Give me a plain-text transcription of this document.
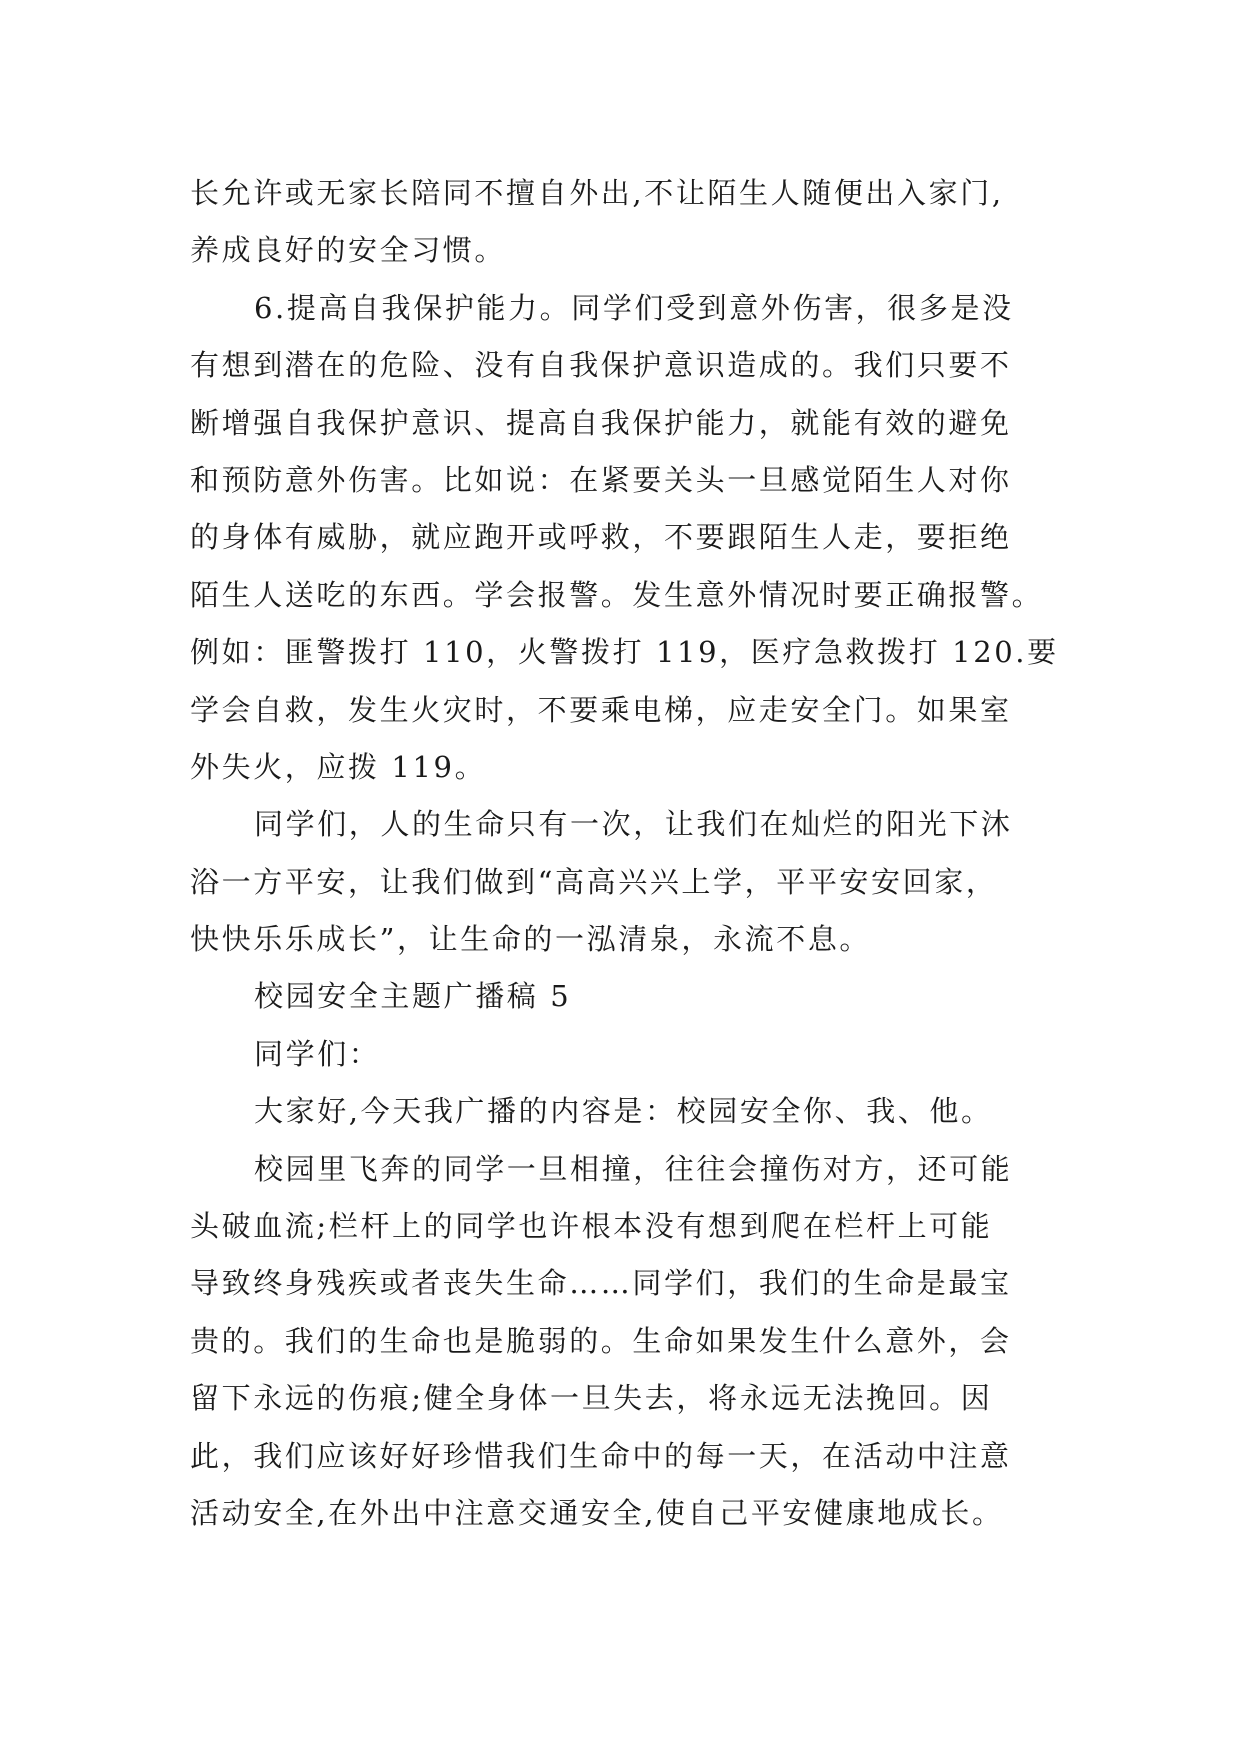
长允许或无家长陪同不擅自外出,不让陌生人随便出入家门,
养成良好的安全习惯。

6.提高自我保护能力。同学们受到意外伤害，很多是没
有想到潜在的危险、没有自我保护意识造成的。我们只要不
断增强自我保护意识、提高自我保护能力，就能有效的避免
和预防意外伤害。比如说：在紧要关头一旦感觉陌生人对你
的身体有威胁，就应跑开或呼救，不要跟陌生人走，要拒绝
陌生人送吃的东西。学会报警。发生意外情况时要正确报警。
例如：匪警拨打 110，火警拨打 119，医疗急救拨打 120.要
学会自救，发生火灾时，不要乘电梯，应走安全门。如果室
外失火，应拨 119。

同学们，人的生命只有一次，让我们在灿烂的阳光下沐
浴一方平安，让我们做到“高高兴兴上学，平平安安回家，
快快乐乐成长”，让生命的一泓清泉，永流不息。

校园安全主题广播稿 5

同学们：

大家好,今天我广播的内容是：校园安全你、我、他。

校园里飞奔的同学一旦相撞，往往会撞伤对方，还可能
头破血流;栏杆上的同学也许根本没有想到爬在栏杆上可能
导致终身残疾或者丧失生命……同学们，我们的生命是最宝
贵的。我们的生命也是脆弱的。生命如果发生什么意外，会
留下永远的伤痕;健全身体一旦失去，将永远无法挽回。因
此，我们应该好好珍惜我们生命中的每一天，在活动中注意
活动安全,在外出中注意交通安全,使自己平安健康地成长。
